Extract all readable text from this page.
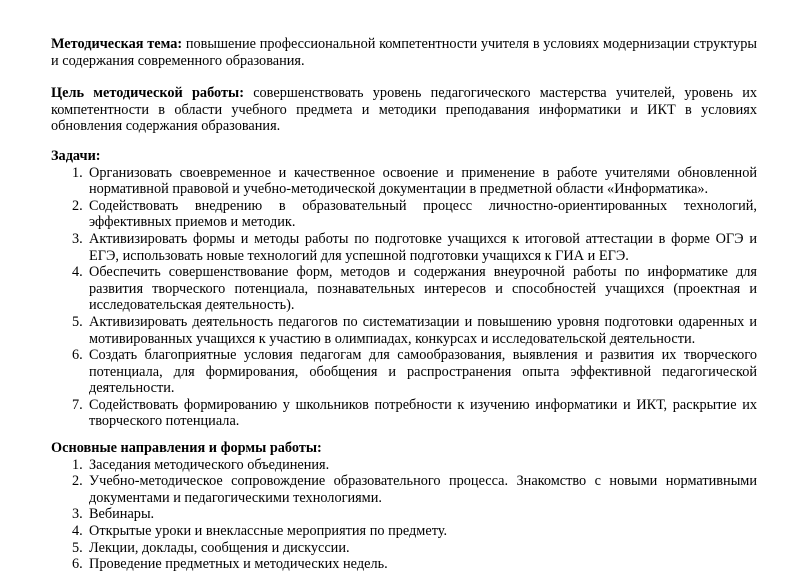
Методическая тема: повышение профессиональной компетентности учителя в условиях модернизации структуры и содержания современного образования.

Цель методической работы: совершенствовать уровень педагогического мастерства учителей, уровень их компетентности в области учебного предмета и методики преподавания информатики и ИКТ в условиях обновления содержания образования.

Задачи:

1. Организовать своевременное и качественное освоение и применение в работе учителями обновленной нормативной правовой и учебно-методической документации в предметной области «Информатика».
2. Содействовать внедрению в образовательный процесс личностно-ориентированных технологий, эффективных приемов и методик.
3. Активизировать формы и методы работы по подготовке учащихся к итоговой аттестации в форме ОГЭ и ЕГЭ, использовать новые технологий для успешной подготовки учащихся к ГИА и ЕГЭ.
4. Обеспечить совершенствование форм, методов и содержания внеурочной работы по информатике для развития творческого потенциала, познавательных интересов и способностей учащихся (проектная и исследовательская деятельность).
5. Активизировать деятельность педагогов по систематизации и повышению уровня подготовки одаренных и мотивированных учащихся к участию в олимпиадах, конкурсах и исследовательской деятельности.
6. Создать благоприятные условия педагогам для самообразования, выявления и развития их творческого потенциала, для формирования, обобщения и распространения опыта эффективной педагогической деятельности.
7. Содействовать формированию у школьников потребности к изучению информатики и ИКТ, раскрытие их творческого потенциала.

Основные направления и формы работы:

1. Заседания методического объединения.
2. Учебно-методическое сопровождение образовательного процесса. Знакомство с новыми нормативными документами и педагогическими технологиями.
3. Вебинары.
4. Открытые уроки и внеклассные мероприятия по предмету.
5. Лекции, доклады, сообщения и дискуссии.
6. Проведение предметных и методических недель.
